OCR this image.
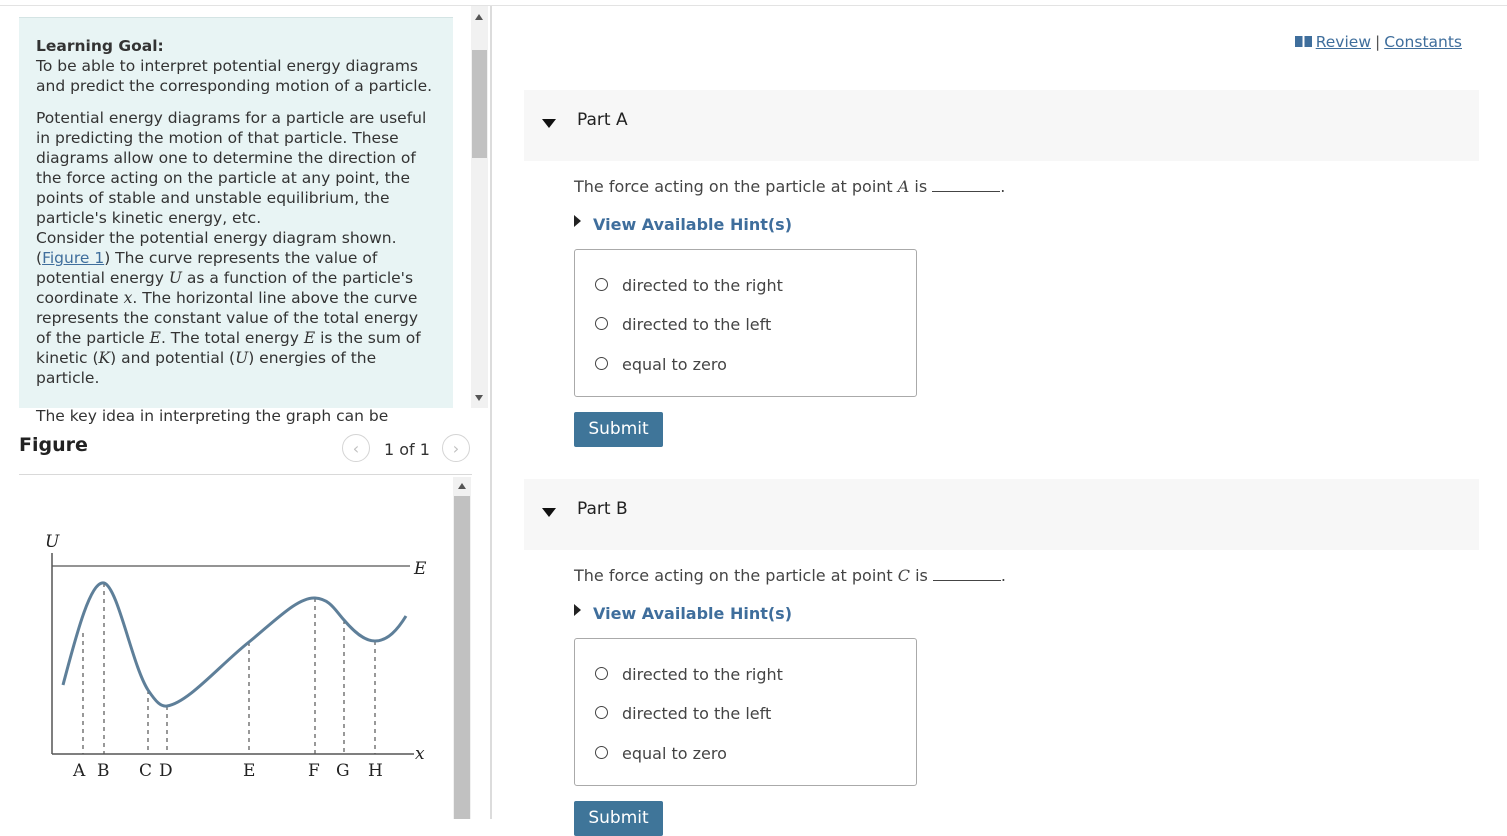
Learning Goal:

To be able to interpret potential energy diagrams and predict the corresponding motion of a particle.

Potential energy diagrams for a particle are useful in predicting the motion of that particle. These diagrams allow one to determine the direction of the force acting on the particle at any point, the points of stable and unstable equilibrium, the particle's kinetic energy, etc.

Consider the potential energy diagram shown. (Figure 1) The curve represents the value of potential energy U as a function of the particle's coordinate x. The horizontal line above the curve represents the constant value of the total energy of the particle E. The total energy E is the sum of kinetic (K) and potential (U) energies of the particle.

The key idea in interpreting the graph can be

Figure	‹	1 of 1	›
U
E
x
A B C D	E	F G H
Review | Constants
Part A
The force acting on the particle at point A is	.
View Available Hint(s)
directed to the right
directed to the left
equal to zero
Submit
Part B
The force acting on the particle at point C is	.
View Available Hint(s)
directed to the right
directed to the left
equal to zero
Submit
